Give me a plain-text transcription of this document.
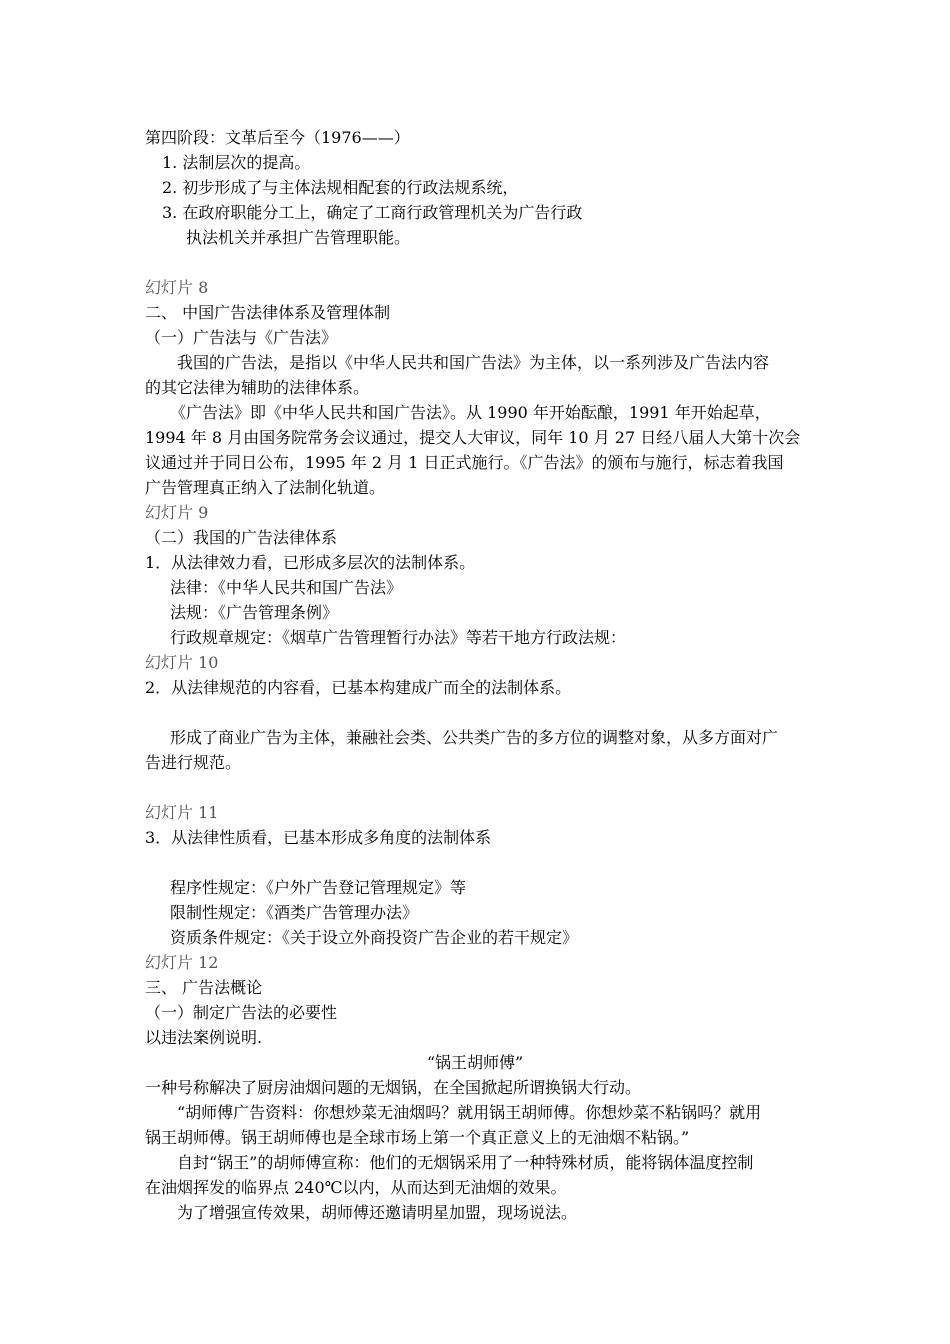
第四阶段：文革后至今（1976——）
1. 法制层次的提高。
2. 初步形成了与主体法规相配套的行政法规系统，
3. 在政府职能分工上，确定了工商行政管理机关为广告行政
执法机关并承担广告管理职能。
幻灯片 8
二、 中国广告法律体系及管理体制
（一）广告法与《广告法》
我国的广告法，是指以《中华人民共和国广告法》为主体，以一系列涉及广告法内容
的其它法律为辅助的法律体系。
《广告法》即《中华人民共和国广告法》。从 1990 年开始酝酿，1991 年开始起草，
1994 年 8 月由国务院常务会议通过，提交人大审议，同年 10 月 27 日经八届人大第十次会
议通过并于同日公布，1995 年 2 月 1 日正式施行。《广告法》的颁布与施行，标志着我国
广告管理真正纳入了法制化轨道。
幻灯片 9
（二）我国的广告法律体系
1．从法律效力看，已形成多层次的法制体系。
法律：《中华人民共和国广告法》
法规：《广告管理条例》
行政规章规定：《烟草广告管理暂行办法》等若干地方行政法规：
幻灯片 10
2．从法律规范的内容看，已基本构建成广而全的法制体系。
形成了商业广告为主体，兼融社会类、公共类广告的多方位的调整对象，从多方面对广
告进行规范。
幻灯片 11
3．从法律性质看，已基本形成多角度的法制体系
程序性规定：《户外广告登记管理规定》等
限制性规定：《酒类广告管理办法》
资质条件规定：《关于设立外商投资广告企业的若干规定》
幻灯片 12
三、 广告法概论
（一）制定广告法的必要性
以违法案例说明.
“锅王胡师傅”
一种号称解决了厨房油烟问题的无烟锅，在全国掀起所谓换锅大行动。
“胡师傅广告资料：你想炒菜无油烟吗？就用锅王胡师傅。你想炒菜不粘锅吗？就用
锅王胡师傅。锅王胡师傅也是全球市场上第一个真正意义上的无油烟不粘锅。”
自封“锅王”的胡师傅宣称：他们的无烟锅采用了一种特殊材质，能将锅体温度控制
在油烟挥发的临界点 240℃以内，从而达到无油烟的效果。
为了增强宣传效果，胡师傅还邀请明星加盟，现场说法。
